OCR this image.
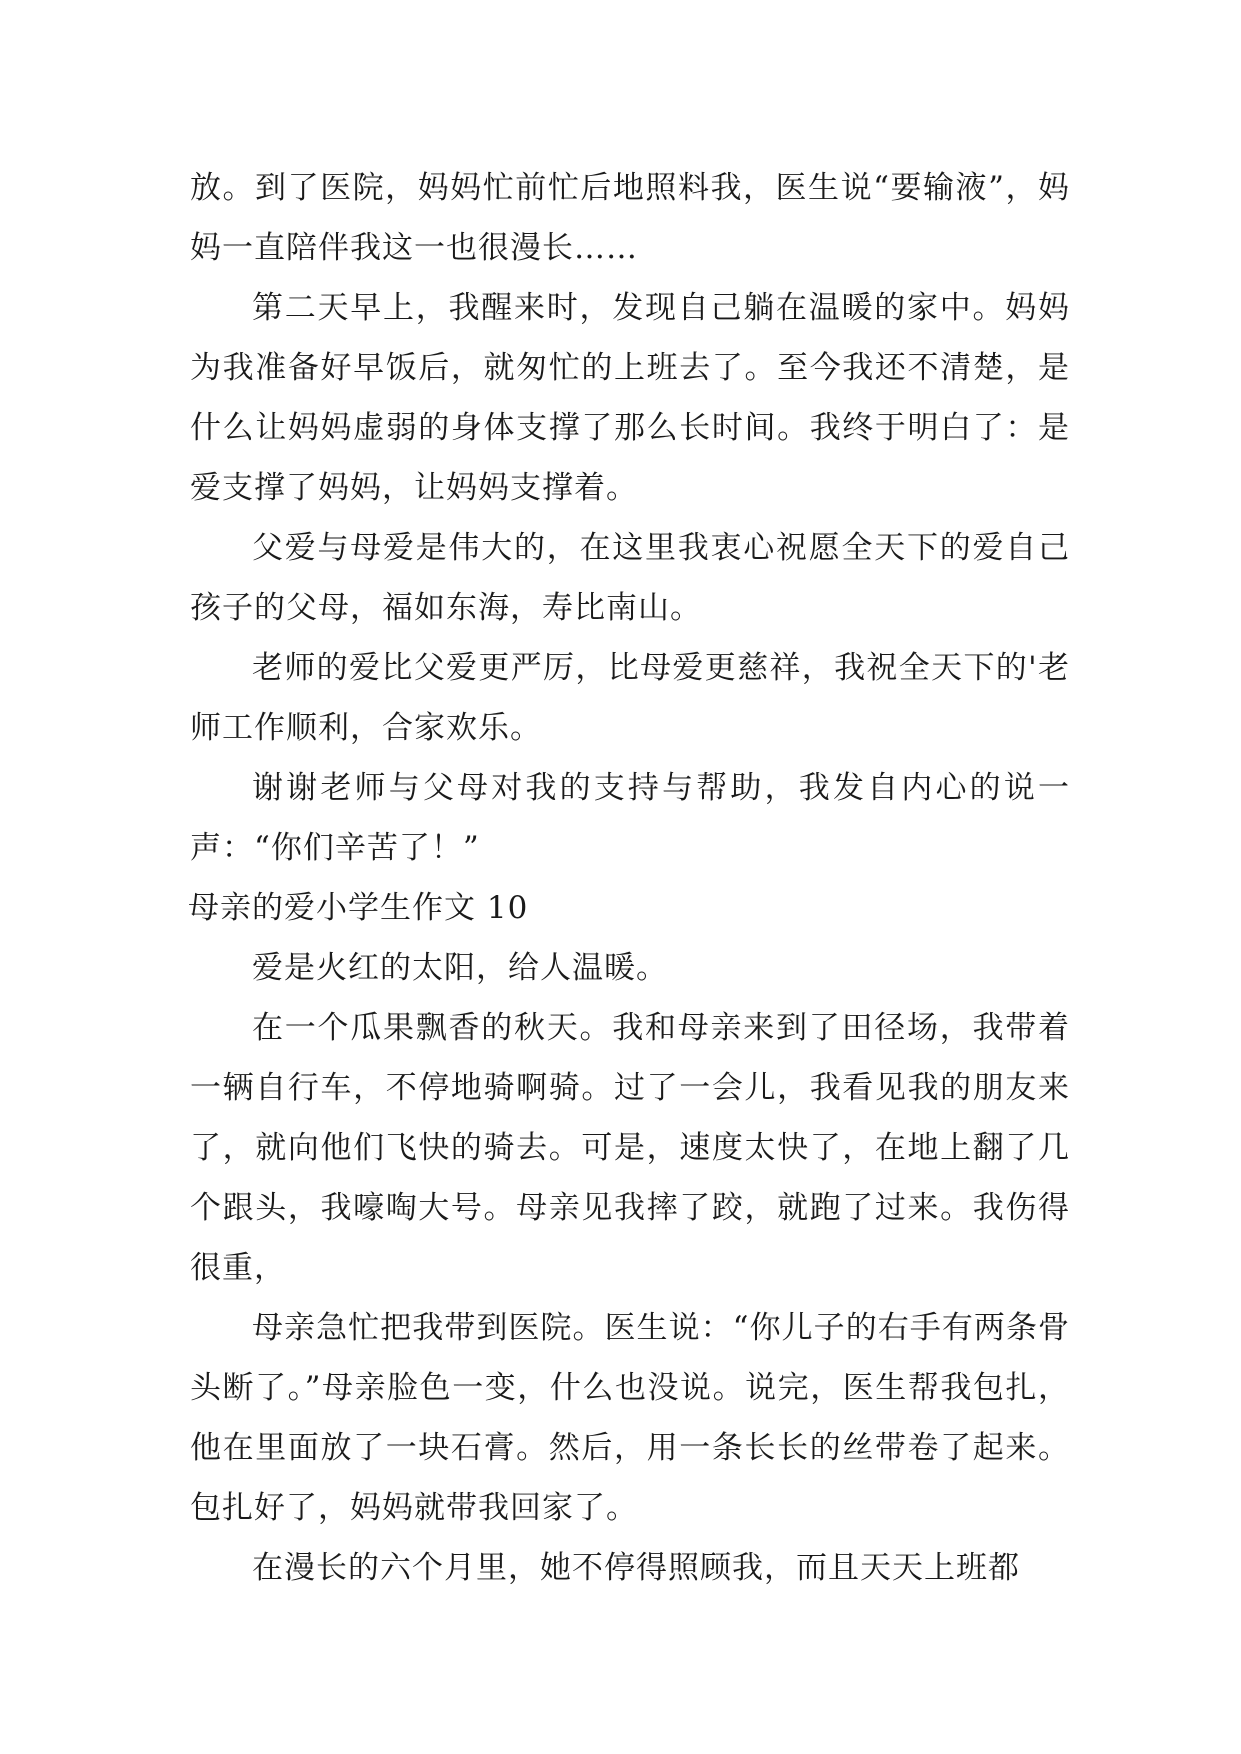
放。到了医院，妈妈忙前忙后地照料我，医生说“要输液”，妈妈一直陪伴我这一也很漫长……

第二天早上，我醒来时，发现自己躺在温暖的家中。妈妈为我准备好早饭后，就匆忙的上班去了。至今我还不清楚，是什么让妈妈虚弱的身体支撑了那么长时间。我终于明白了：是爱支撑了妈妈，让妈妈支撑着。

父爱与母爱是伟大的，在这里我衷心祝愿全天下的爱自己孩子的父母，福如东海，寿比南山。

老师的爱比父爱更严厉，比母爱更慈祥，我祝全天下的'老师工作顺利，合家欢乐。

谢谢老师与父母对我的支持与帮助，我发自内心的说一声：“你们辛苦了！”

母亲的爱小学生作文 10

爱是火红的太阳，给人温暖。

在一个瓜果飘香的秋天。我和母亲来到了田径场，我带着一辆自行车，不停地骑啊骑。过了一会儿，我看见我的朋友来了，就向他们飞快的骑去。可是，速度太快了，在地上翻了几个跟头，我嚎啕大号。母亲见我摔了跤，就跑了过来。我伤得很重，

母亲急忙把我带到医院。医生说：“你儿子的右手有两条骨头断了。”母亲脸色一变，什么也没说。说完，医生帮我包扎，他在里面放了一块石膏。然后，用一条长长的丝带卷了起来。包扎好了，妈妈就带我回家了。

在漫长的六个月里，她不停得照顾我，而且天天上班都
